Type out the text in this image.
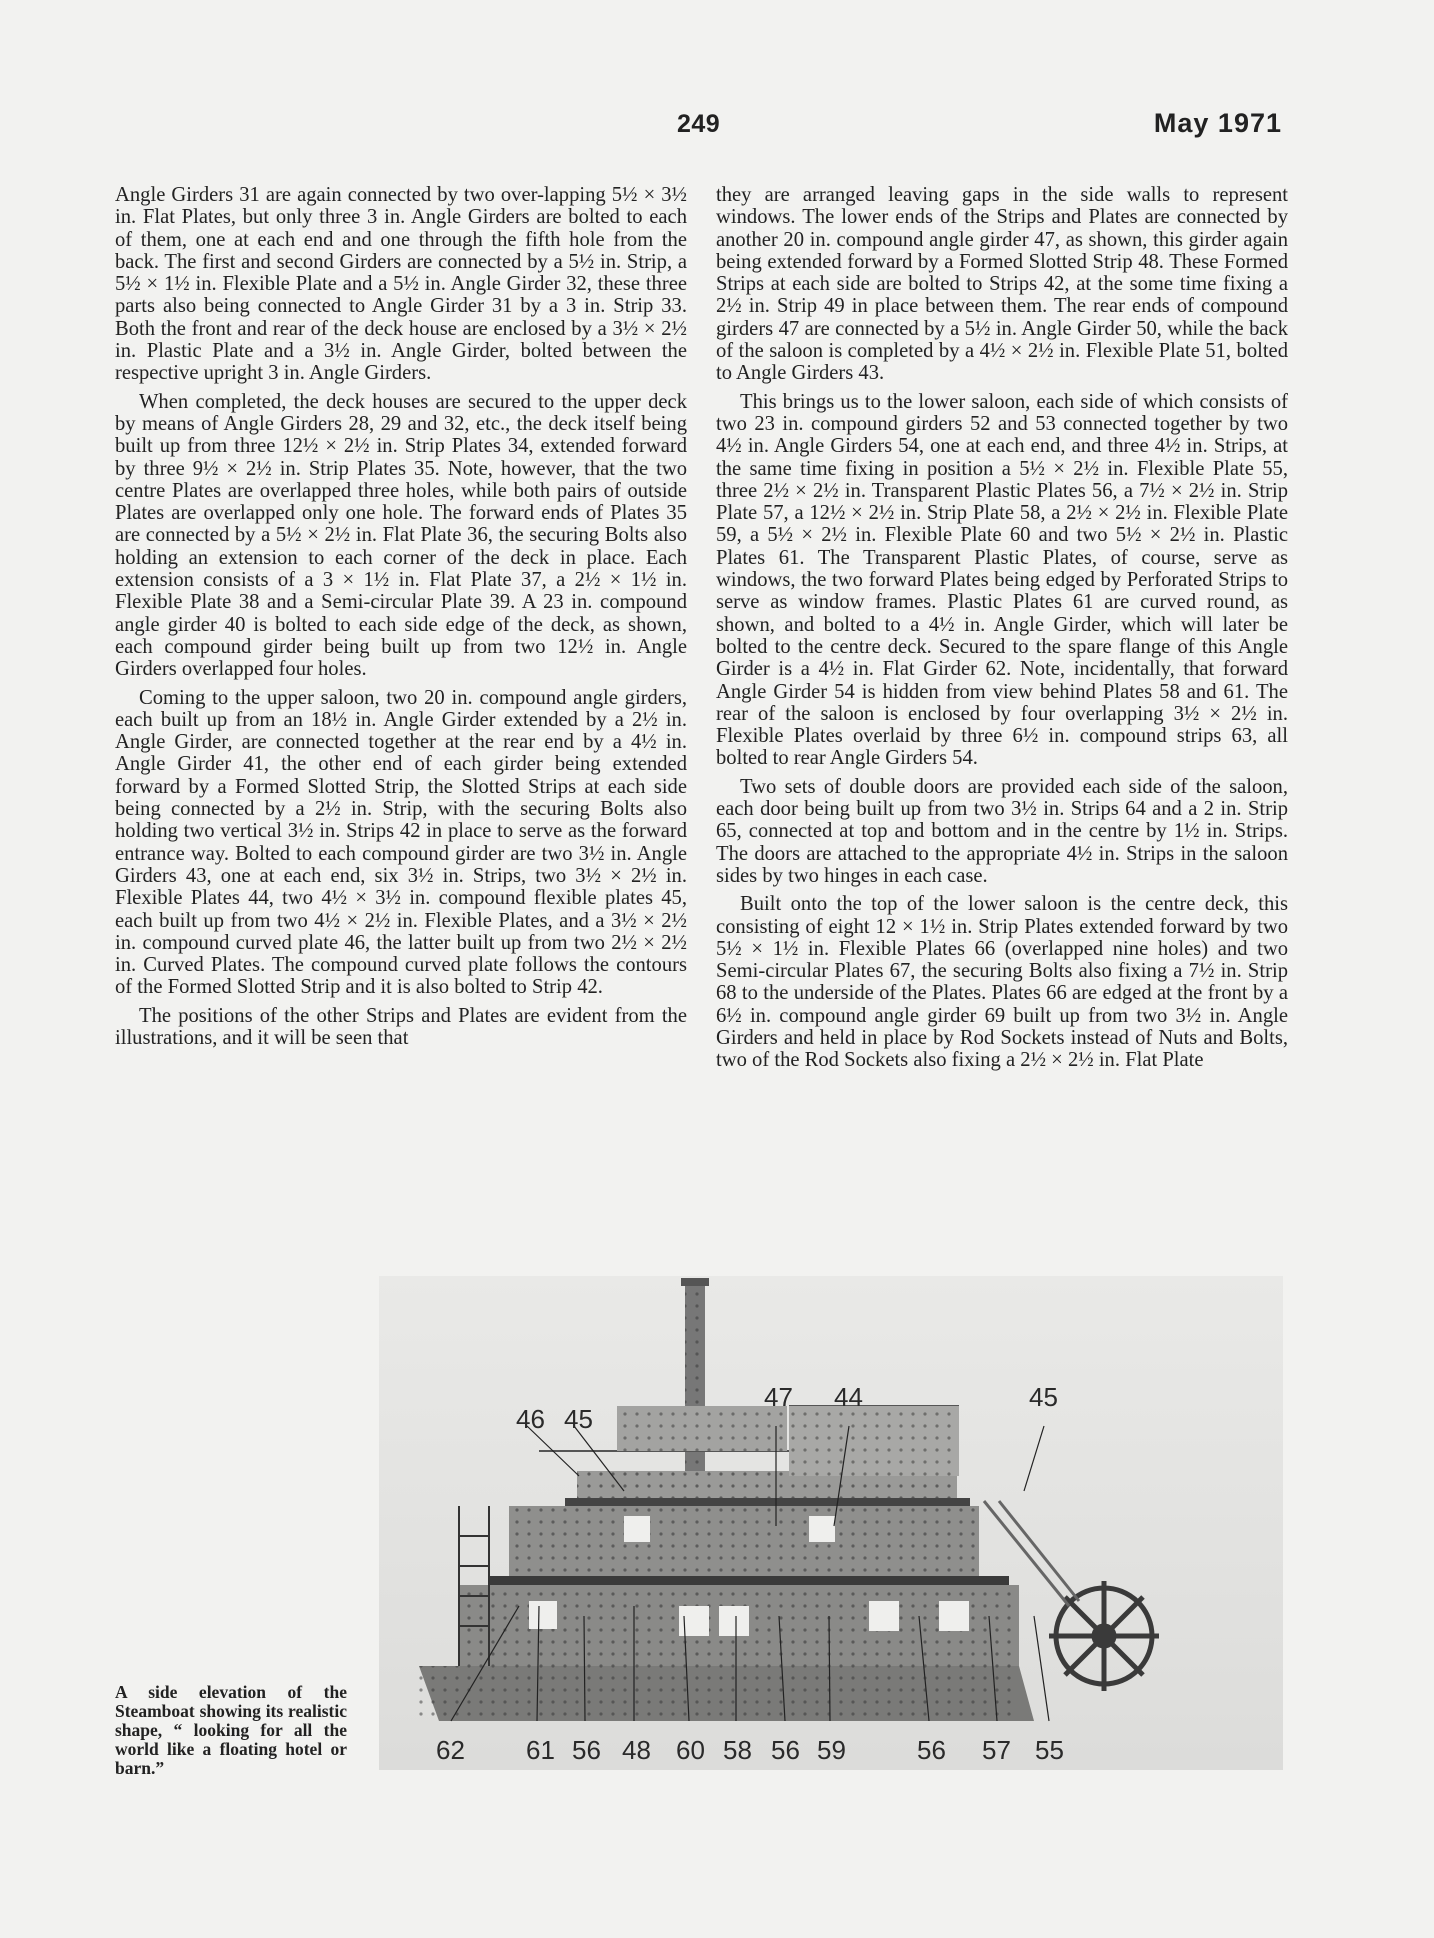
249	May 1971

Angle Girders 31 are again connected by two over-lapping 5½ × 3½ in. Flat Plates, but only three 3 in. Angle Girders are bolted to each of them, one at each end and one through the fifth hole from the back. The first and second Girders are connected by a 5½ in. Strip, a 5½ × 1½ in. Flexible Plate and a 5½ in. Angle Girder 32, these three parts also being connected to Angle Girder 31 by a 3 in. Strip 33. Both the front and rear of the deck house are enclosed by a 3½ × 2½ in. Plastic Plate and a 3½ in. Angle Girder, bolted between the respective upright 3 in. Angle Girders.

When completed, the deck houses are secured to the upper deck by means of Angle Girders 28, 29 and 32, etc., the deck itself being built up from three 12½ × 2½ in. Strip Plates 34, extended forward by three 9½ × 2½ in. Strip Plates 35. Note, however, that the two centre Plates are overlapped three holes, while both pairs of outside Plates are overlapped only one hole. The forward ends of Plates 35 are connected by a 5½ × 2½ in. Flat Plate 36, the securing Bolts also holding an extension to each corner of the deck in place. Each extension consists of a 3 × 1½ in. Flat Plate 37, a 2½ × 1½ in. Flexible Plate 38 and a Semi-circular Plate 39. A 23 in. compound angle girder 40 is bolted to each side edge of the deck, as shown, each compound girder being built up from two 12½ in. Angle Girders overlapped four holes.

Coming to the upper saloon, two 20 in. compound angle girders, each built up from an 18½ in. Angle Girder extended by a 2½ in. Angle Girder, are connected together at the rear end by a 4½ in. Angle Girder 41, the other end of each girder being extended forward by a Formed Slotted Strip, the Slotted Strips at each side being connected by a 2½ in. Strip, with the securing Bolts also holding two vertical 3½ in. Strips 42 in place to serve as the forward entrance way. Bolted to each compound girder are two 3½ in. Angle Girders 43, one at each end, six 3½ in. Strips, two 3½ × 2½ in. Flexible Plates 44, two 4½ × 3½ in. compound flexible plates 45, each built up from two 4½ × 2½ in. Flexible Plates, and a 3½ × 2½ in. compound curved plate 46, the latter built up from two 2½ × 2½ in. Curved Plates. The compound curved plate follows the contours of the Formed Slotted Strip and it is also bolted to Strip 42.

The positions of the other Strips and Plates are evident from the illustrations, and it will be seen that

they are arranged leaving gaps in the side walls to represent windows. The lower ends of the Strips and Plates are connected by another 20 in. compound angle girder 47, as shown, this girder again being extended forward by a Formed Slotted Strip 48. These Formed Strips at each side are bolted to Strips 42, at the some time fixing a 2½ in. Strip 49 in place between them. The rear ends of compound girders 47 are connected by a 5½ in. Angle Girder 50, while the back of the saloon is completed by a 4½ × 2½ in. Flexible Plate 51, bolted to Angle Girders 43.

This brings us to the lower saloon, each side of which consists of two 23 in. compound girders 52 and 53 connected together by two 4½ in. Angle Girders 54, one at each end, and three 4½ in. Strips, at the same time fixing in position a 5½ × 2½ in. Flexible Plate 55, three 2½ × 2½ in. Transparent Plastic Plates 56, a 7½ × 2½ in. Strip Plate 57, a 12½ × 2½ in. Strip Plate 58, a 2½ × 2½ in. Flexible Plate 59, a 5½ × 2½ in. Flexible Plate 60 and two 5½ × 2½ in. Plastic Plates 61. The Transparent Plastic Plates, of course, serve as windows, the two forward Plates being edged by Perforated Strips to serve as window frames. Plastic Plates 61 are curved round, as shown, and bolted to a 4½ in. Angle Girder, which will later be bolted to the centre deck. Secured to the spare flange of this Angle Girder is a 4½ in. Flat Girder 62. Note, incidentally, that forward Angle Girder 54 is hidden from view behind Plates 58 and 61. The rear of the saloon is enclosed by four overlapping 3½ × 2½ in. Flexible Plates overlaid by three 6½ in. compound strips 63, all bolted to rear Angle Girders 54.

Two sets of double doors are provided each side of the saloon, each door being built up from two 3½ in. Strips 64 and a 2 in. Strip 65, connected at top and bottom and in the centre by 1½ in. Strips. The doors are attached to the appropriate 4½ in. Strips in the saloon sides by two hinges in each case.

Built onto the top of the lower saloon is the centre deck, this consisting of eight 12 × 1½ in. Strip Plates extended forward by two 5½ × 1½ in. Flexible Plates 66 (overlapped nine holes) and two Semi-circular Plates 67, the securing Bolts also fixing a 7½ in. Strip 68 to the underside of the Plates. Plates 66 are edged at the front by a 6½ in. compound angle girder 69 built up from two 3½ in. Angle Girders and held in place by Rod Sockets instead of Nuts and Bolts, two of the Rod Sockets also fixing a 2½ × 2½ in. Flat Plate

A side elevation of the Steamboat showing its realistic shape, “ looking for all the world like a floating hotel or barn.”
46 45
47 44	45
62 61 56 48 60 58 56 59	56 57 55
